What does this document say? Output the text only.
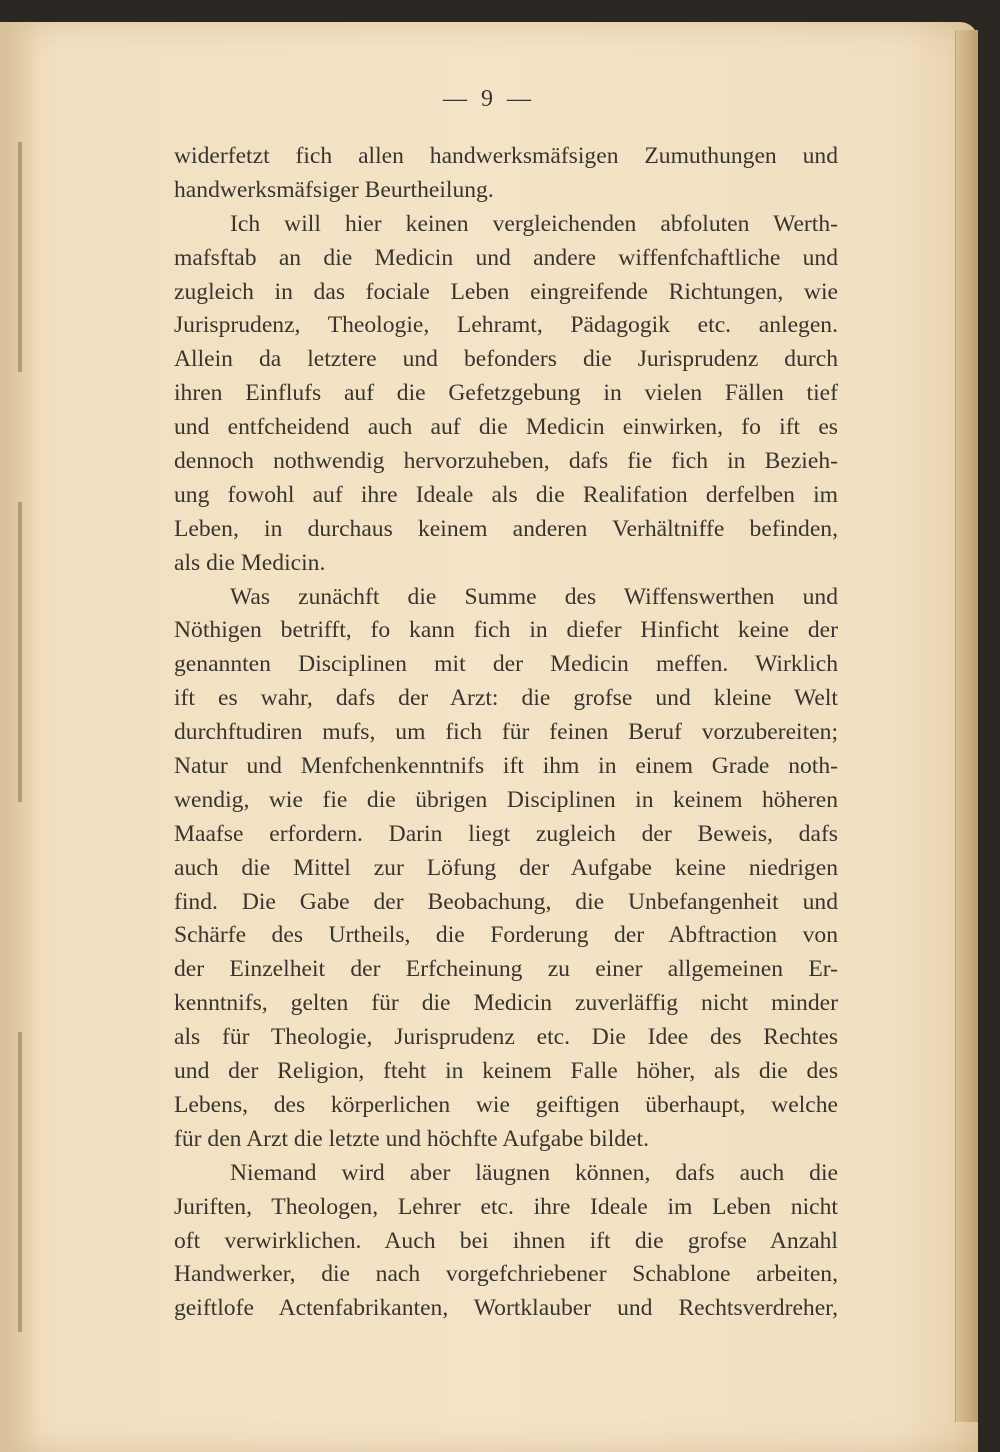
— 9 —
widerfetzt fich allen handwerksmäfsigen Zumuthungen und
handwerksmäfsiger Beurtheilung.
Ich will hier keinen vergleichenden abfoluten Werth-
mafsftab an die Medicin und andere wiffenfchaftliche und
zugleich in das fociale Leben eingreifende Richtungen, wie
Jurisprudenz, Theologie, Lehramt, Pädagogik etc. anlegen.
Allein da letztere und befonders die Jurisprudenz durch
ihren Einflufs auf die Gefetzgebung in vielen Fällen tief
und entfcheidend auch auf die Medicin einwirken, fo ift es
dennoch nothwendig hervorzuheben, dafs fie fich in Bezieh-
ung fowohl auf ihre Ideale als die Realifation derfelben im
Leben, in durchaus keinem anderen Verhältniffe befinden,
als die Medicin.
Was zunächft die Summe des Wiffenswerthen und
Nöthigen betrifft, fo kann fich in diefer Hinficht keine der
genannten Disciplinen mit der Medicin meffen. Wirklich
ift es wahr, dafs der Arzt: die grofse und kleine Welt
durchftudiren mufs, um fich für feinen Beruf vorzubereiten;
Natur und Menfchenkenntnifs ift ihm in einem Grade noth-
wendig, wie fie die übrigen Disciplinen in keinem höheren
Maafse erfordern. Darin liegt zugleich der Beweis, dafs
auch die Mittel zur Löfung der Aufgabe keine niedrigen
find. Die Gabe der Beobachung, die Unbefangenheit und
Schärfe des Urtheils, die Forderung der Abftraction von
der Einzelheit der Erfcheinung zu einer allgemeinen Er-
kenntnifs, gelten für die Medicin zuverläffig nicht minder
als für Theologie, Jurisprudenz etc. Die Idee des Rechtes
und der Religion, fteht in keinem Falle höher, als die des
Lebens, des körperlichen wie geiftigen überhaupt, welche
für den Arzt die letzte und höchfte Aufgabe bildet.
Niemand wird aber läugnen können, dafs auch die
Juriften, Theologen, Lehrer etc. ihre Ideale im Leben nicht
oft verwirklichen. Auch bei ihnen ift die grofse Anzahl
Handwerker, die nach vorgefchriebener Schablone arbeiten,
geiftlofe Actenfabrikanten, Wortklauber und Rechtsverdreher,
